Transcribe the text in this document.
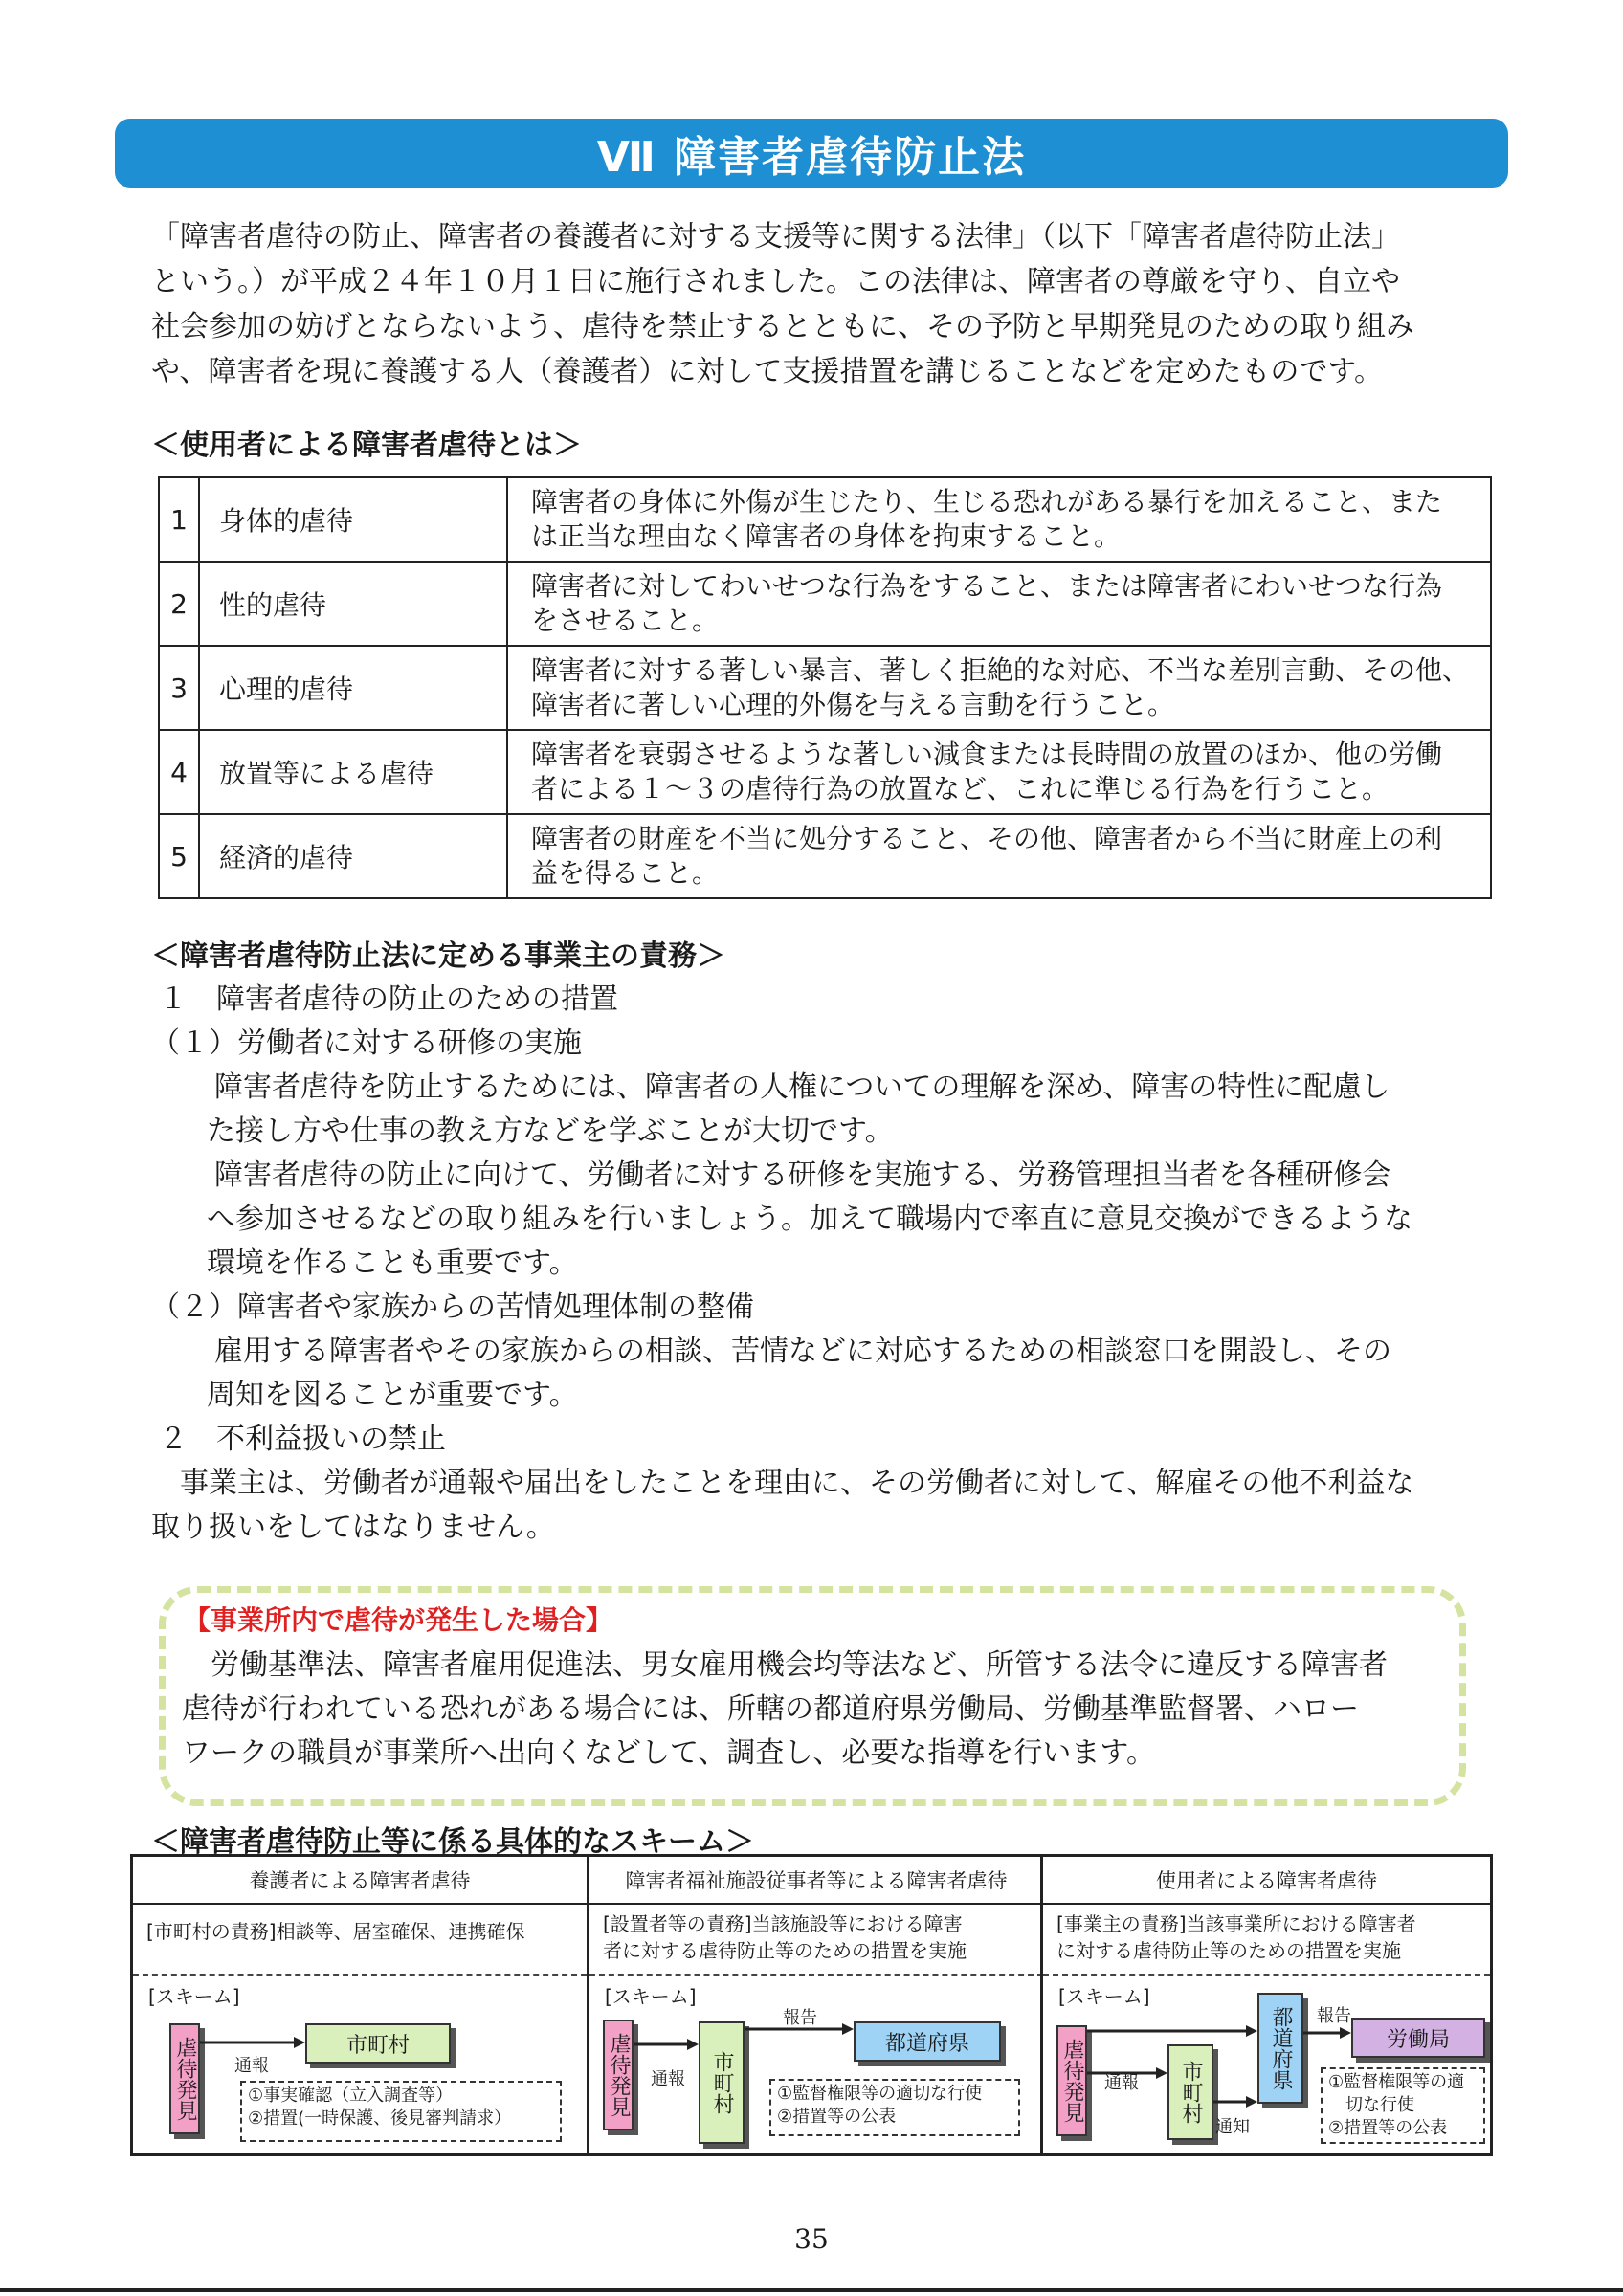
Ⅶ 障害者虐待防止法

「障害者虐待の防止、障害者の養護者に対する支援等に関する法律」（以下「障害者虐待防止法」

という。）が平成２４年１０月１日に施行されました。この法律は、障害者の尊厳を守り、自立や

社会参加の妨げとならないよう、虐待を禁止するとともに、その予防と早期発見のための取り組み

や、障害者を現に養護する人（養護者）に対して支援措置を講じることなどを定めたものです。

＜使用者による障害者虐待とは＞
1	身体的虐待	障害者の身体に外傷が生じたり、生じる恐れがある暴行を加えること、また
は正当な理由なく障害者の身体を拘束すること。

2	性的虐待	障害者に対してわいせつな行為をすること、または障害者にわいせつな行為
をさせること。

3	心理的虐待	障害者に対する著しい暴言、著しく拒絶的な対応、不当な差別言動、その他、
障害者に著しい心理的外傷を与える言動を行うこと。

4	放置等による虐待	障害者を衰弱させるような著しい減食または長時間の放置のほか、他の労働
者による１～３の虐待行為の放置など、これに準じる行為を行うこと。

5	経済的虐待	障害者の財産を不当に処分すること、その他、障害者から不当に財産上の利
益を得ること。
＜障害者虐待防止法に定める事業主の責務＞
１　障害者虐待の防止のための措置
（１）労働者に対する研修の実施
障害者虐待を防止するためには、障害者の人権についての理解を深め、障害の特性に配慮し
た接し方や仕事の教え方などを学ぶことが大切です。
障害者虐待の防止に向けて、労働者に対する研修を実施する、労務管理担当者を各種研修会
へ参加させるなどの取り組みを行いましょう。加えて職場内で率直に意見交換ができるような
環境を作ることも重要です。
（２）障害者や家族からの苦情処理体制の整備
雇用する障害者やその家族からの相談、苦情などに対応するための相談窓口を開設し、その
周知を図ることが重要です。
２　不利益扱いの禁止
事業主は、労働者が通報や届出をしたことを理由に、その労働者に対して、解雇その他不利益な
取り扱いをしてはなりません。
【事業所内で虐待が発生した場合】

労働基準法、障害者雇用促進法、男女雇用機会均等法など、所管する法令に違反する障害者

虐待が行われている恐れがある場合には、所轄の都道府県労働局、労働基準監督署、ハロー

ワークの職員が事業所へ出向くなどして、調査し、必要な指導を行います。

＜障害者虐待防止等に係る具体的なスキーム＞
養護者による障害者虐待
[市町村の責務]相談等、居室確保、連携確保
[スキーム]
虐待発見 通報
市町村
①事実確認（立入調査等）
②措置(一時保護、後見審判請求）
障害者福祉施設従事者等による障害者虐待
[設置者等の責務]当該施設等における障害
者に対する虐待防止等のための措置を実施
[スキーム]
虐待発見 通報	市町村
報告
都道府県
①監督権限等の適切な行使
②措置等の公表
使用者による障害者虐待
[事業主の責務]当該事業所における障害者
に対する虐待防止等のための措置を実施
[スキーム]
虐待発見 通報	市町村
通知
都道府県	報告
労働局
①監督権限等の適
　切な行使
②措置等の公表
35
